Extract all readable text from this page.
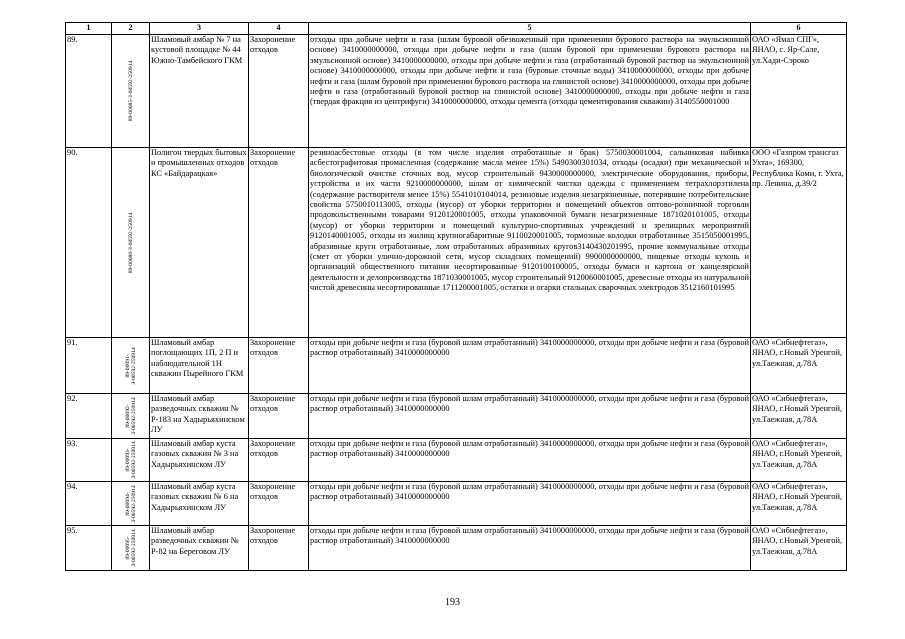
1	2	3	4	5	6
89.	89-00085-З-00592-250914	Шламовый амбар № 7 на кустовой площадке № 44 Южно-Тамбейского ГКМ	Захоронение отходов	отходы при добыче нефти и газа (шлам буровой обезвоженный при применении бурового раствора на эмульсионной основе) 3410000000000, отходы при добыче нефти и газа (шлам буровой при применении бурового раствора на эмульсионной основе) 3410000000000, отходы при добыче нефти и газа (отработанный буровой раствор на эмульсионной основе) 3410000000000, отходы при добыче нефти и газа (буровые сточные воды) 3410000000000, отходы при добыче нефти и газа (шлам буровой при применении бурового раствора на глинистой основе) 3410000000000, отходы при добыче нефти и газа (отработанный буровой раствор на глинистой основе) 3410000000000, отходы при добыче нефти и газа (твердая фракция из центрифуги) 3410000000000, отходы цемента (отходы цементирования скважин) 3140550001000	ОАО «Ямал СПГ», ЯНАО, с. Яр-Сале, ул.Хади-Сэроко
90.	89-00086-З-00592-250914	Полигон твердых бытовых и промышленных отходов КС «Байдарацкая»	Захоронение отходов	резиноасбестовые отходы (в том числе изделия отработанные и брак) 5750030001004, сальниковая набивка асбестографитовая промасленная (содержание масла менее 15%) 5490300301034, отходы (осадки) при механической и биологической очистке сточных вод, мусор строительный 9430000000000, электрические оборудования, приборы, устройства и их части 9210000000000, шлам от химической чистки одежды с применением тетрахлорэтилена (содержание растворителя менее 15%) 5541010104014, резиновые изделия незагрязненные, потерявшие потребительские свойства 5750010113005, отходы (мусор) от уборки территории и помещений объектов оптово-розничной торговли продовольственными товарами 9120120001005, отходы упаковочной бумаги незагрязненные 1871020101005, отходы (мусор) от уборки территории и помещений культурно-спортивных учреждений и зрелищных мероприятий 9120140001005, отходы из жилищ крупногабаритные 9110020001005, тормозные колодки отработанные 3515050001995, абразивные круги отработанные, лом отработанных абразивных кругов3140430201995, прочие коммунальные отходы (смет от уборки улично-дорожной сети, мусор складских помещений) 9900000000000, пищевые отходы кухонь и организаций общественного питания несортированные 9120100100005, отходы бумаги и картона от канцелярской деятельности и делопроизводства 1871030001005, мусор строительный 9120060001005, древесные отходы из натуральной чистой древесины несортированные 1711200001005, остатки и огарки стальных сварочных электродов 3512160101995	ООО «Газпром трансгаз Ухта», 169300, Республика Коми, г. Ухта, пр. Ленина, д.39/2
91.	89-00091-З-00592-250914	Шламовый амбар поглощающих 1П, 2 П и наблюдательной 1Н скважин Пырейного ГКМ	Захоронение отходов	отходы при добыче нефти и газа (буровой шлам отработанный) 3410000000000, отходы при добыче нефти и газа (буровой раствор отработанный) 3410000000000	ОАО «Сибнефтегаз», ЯНАО, г.Новый Уренгой, ул.Таежная, д.78А
92.	89-00092-З-00592-250914	Шламовый амбар разведочных скважин № Р-183 на Хадырьяхинском ЛУ	Захоронение отходов	отходы при добыче нефти и газа (буровой шлам отработанный) 3410000000000, отходы при добыче нефти и газа (буровой раствор отработанный) 3410000000000	ОАО «Сибнефтегаз», ЯНАО, г.Новый Уренгой, ул.Таежная, д.78А
93.	89-00093-З-00592-250914	Шламовый амбар куста газовых скважин № 3 на Хадырьяхинском ЛУ	Захоронение отходов	отходы при добыче нефти и газа (буровой шлам отработанный) 3410000000000, отходы при добыче нефти и газа (буровой раствор отработанный) 3410000000000	ОАО «Сибнефтегаз», ЯНАО, г.Новый Уренгой, ул.Таежная, д.78А
94.	89-00094-З-00592-250914	Шламовый амбар куста газовых скважин № 6 на Хадырьяхинском ЛУ	Захоронение отходов	отходы при добыче нефти и газа (буровой шлам отработанный) 3410000000000, отходы при добыче нефти и газа (буровой раствор отработанный) 3410000000000	ОАО «Сибнефтегаз», ЯНАО, г.Новый Уренгой, ул.Таежная, д.78А
95.	89-00095-З-00592-250914	Шламовый амбар разведочных скважин № Р-82 на Береговом ЛУ	Захоронение отходов	отходы при добыче нефти и газа (буровой шлам отработанный) 3410000000000, отходы при добыче нефти и газа (буровой раствор отработанный) 3410000000000	ОАО «Сибнефтегаз», ЯНАО, г.Новый Уренгой, ул.Таежная, д.78А
193
